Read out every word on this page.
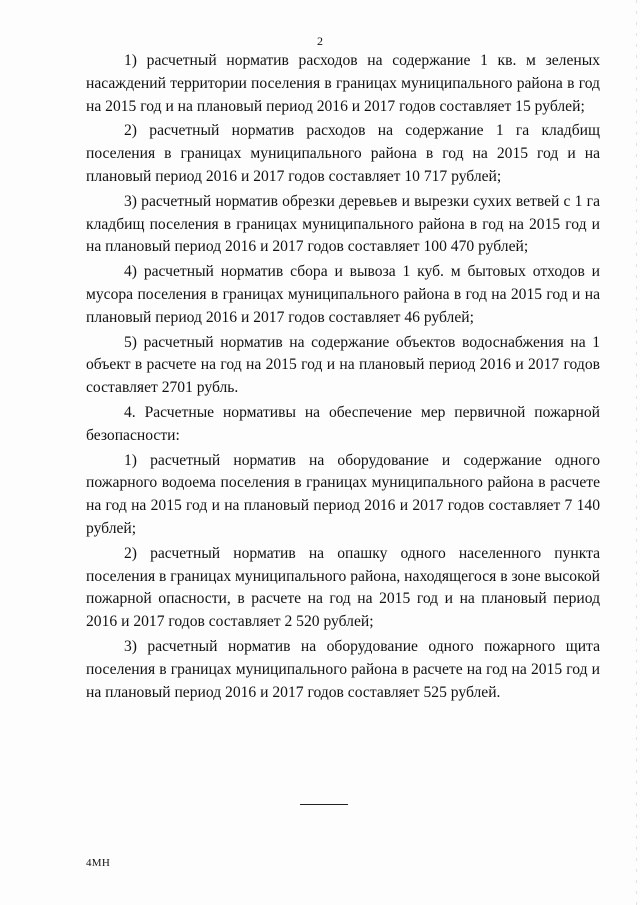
2

1) расчетный норматив расходов на содержание 1 кв. м зеленых насаждений территории поселения в границах муниципального района в год на 2015 год и на плановый период 2016 и 2017 годов составляет 15 рублей;

2) расчетный норматив расходов на содержание 1 га кладбищ поселения в границах муниципального района в год на 2015 год и на плановый период 2016 и 2017 годов составляет 10 717 рублей;

3) расчетный норматив обрезки деревьев и вырезки сухих ветвей с 1 га кладбищ поселения в границах муниципального района в год на 2015 год и на плановый период 2016 и 2017 годов составляет 100 470 рублей;

4) расчетный норматив сбора и вывоза 1 куб. м бытовых отходов и мусора поселения в границах муниципального района в год на 2015 год и на плановый период 2016 и 2017 годов составляет 46 рублей;

5) расчетный норматив на содержание объектов водоснабжения на 1 объект в расчете на год на 2015 год и на плановый период 2016 и 2017 годов составляет 2701 рубль.

4. Расчетные нормативы на обеспечение мер первичной пожарной безопасности:

1) расчетный норматив на оборудование и содержание одного пожарного водоема поселения в границах муниципального района в расчете на год на 2015 год и на плановый период 2016 и 2017 годов составляет 7 140 рублей;

2) расчетный норматив на опашку одного населенного пункта поселения в границах муниципального района, находящегося в зоне высокой пожарной опасности, в расчете на год на 2015 год и на плановый период 2016 и 2017 годов составляет 2 520 рублей;

3) расчетный норматив на оборудование одного пожарного щита поселения в границах муниципального района в расчете на год на 2015 год и на плановый период 2016 и 2017 годов составляет 525 рублей.

4МН
